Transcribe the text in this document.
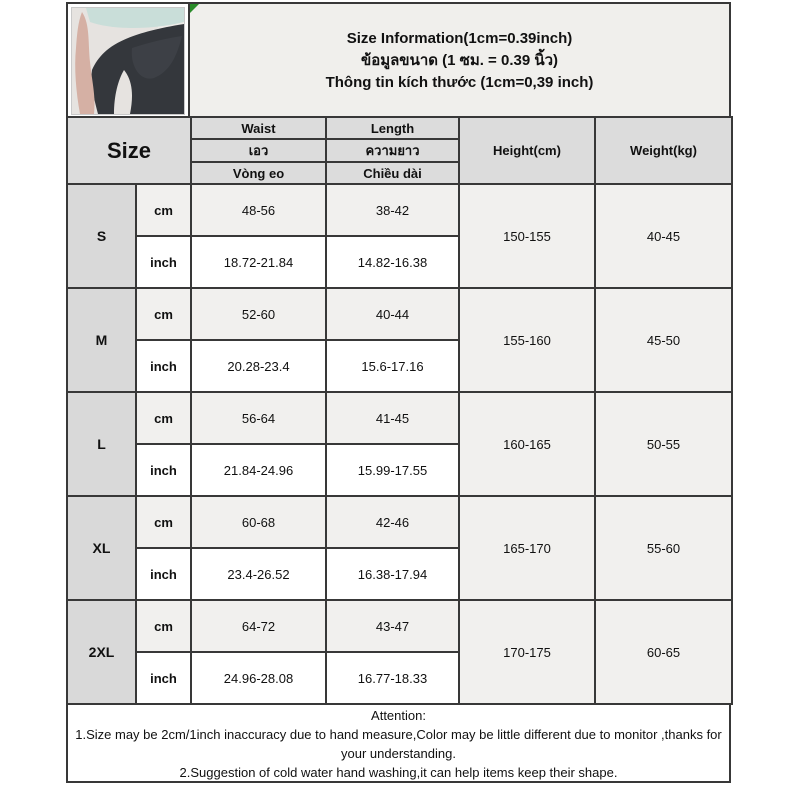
Size Information(1cm=0.39inch)
ข้อมูลขนาด (1 ซม. = 0.39 นิ้ว)
Thông tin kích thước (1cm=0,39 inch)
Size		Waist	Length	Height(cm)	Weight(kg)
		เอว	ความยาว		
		Vòng eo	Chiều dài		
S	cm	48-56	38-42	150-155	40-45
	inch	18.72-21.84	14.82-16.38		
M	cm	52-60	40-44	155-160	45-50
	inch	20.28-23.4	15.6-17.16		
L	cm	56-64	41-45	160-165	50-55
	inch	21.84-24.96	15.99-17.55		
XL	cm	60-68	42-46	165-170	55-60
	inch	23.4-26.52	16.38-17.94		
2XL	cm	64-72	43-47	170-175	60-65
	inch	24.96-28.08	16.77-18.33		
Attention:
1.Size may be 2cm/1inch inaccuracy due to hand measure,Color may be little different due to monitor ,thanks for your understanding.
2.Suggestion of cold water hand washing,it can help items keep their shape.
